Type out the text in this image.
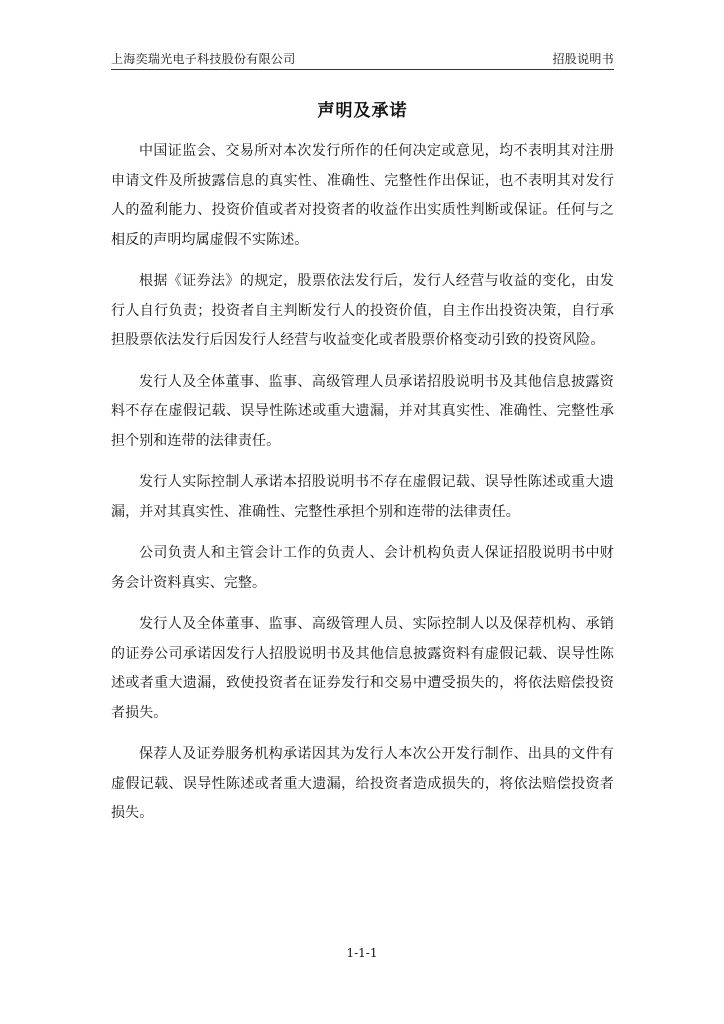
上海奕瑞光电子科技股份有限公司	招股说明书
声明及承诺

中国证监会、交易所对本次发行所作的任何决定或意见，均不表明其对注册申请文件及所披露信息的真实性、准确性、完整性作出保证，也不表明其对发行人的盈利能力、投资价值或者对投资者的收益作出实质性判断或保证。任何与之相反的声明均属虚假不实陈述。

根据《证券法》的规定，股票依法发行后，发行人经营与收益的变化，由发行人自行负责；投资者自主判断发行人的投资价值，自主作出投资决策，自行承担股票依法发行后因发行人经营与收益变化或者股票价格变动引致的投资风险。

发行人及全体董事、监事、高级管理人员承诺招股说明书及其他信息披露资料不存在虚假记载、误导性陈述或重大遗漏，并对其真实性、准确性、完整性承担个别和连带的法律责任。

发行人实际控制人承诺本招股说明书不存在虚假记载、误导性陈述或重大遗漏，并对其真实性、准确性、完整性承担个别和连带的法律责任。

公司负责人和主管会计工作的负责人、会计机构负责人保证招股说明书中财务会计资料真实、完整。

发行人及全体董事、监事、高级管理人员、实际控制人以及保荐机构、承销的证券公司承诺因发行人招股说明书及其他信息披露资料有虚假记载、误导性陈述或者重大遗漏，致使投资者在证券发行和交易中遭受损失的，将依法赔偿投资者损失。

保荐人及证券服务机构承诺因其为发行人本次公开发行制作、出具的文件有虚假记载、误导性陈述或者重大遗漏，给投资者造成损失的，将依法赔偿投资者损失。

1-1-1
